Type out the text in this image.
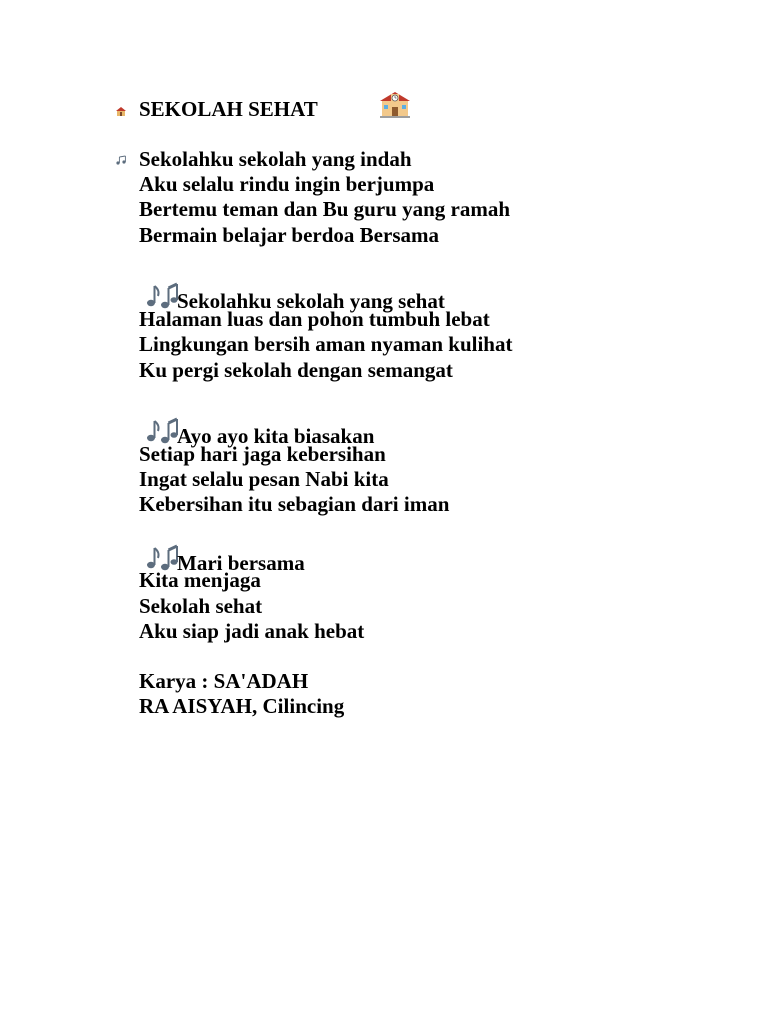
SEKOLAH SEHAT
Sekolahku sekolah yang indah
Aku selalu rindu ingin berjumpa
Bertemu teman dan Bu guru yang ramah
Bermain belajar berdoa Bersama
Sekolahku sekolah yang sehat
Halaman luas dan pohon tumbuh lebat
Lingkungan bersih aman nyaman kulihat
Ku pergi sekolah dengan semangat
Ayo ayo kita biasakan
Setiap hari jaga kebersihan
Ingat selalu pesan Nabi kita
Kebersihan itu sebagian dari iman
Mari bersama
Kita menjaga
Sekolah sehat
Aku siap jadi anak hebat
Karya : SA'ADAH
RA AISYAH, Cilincing
